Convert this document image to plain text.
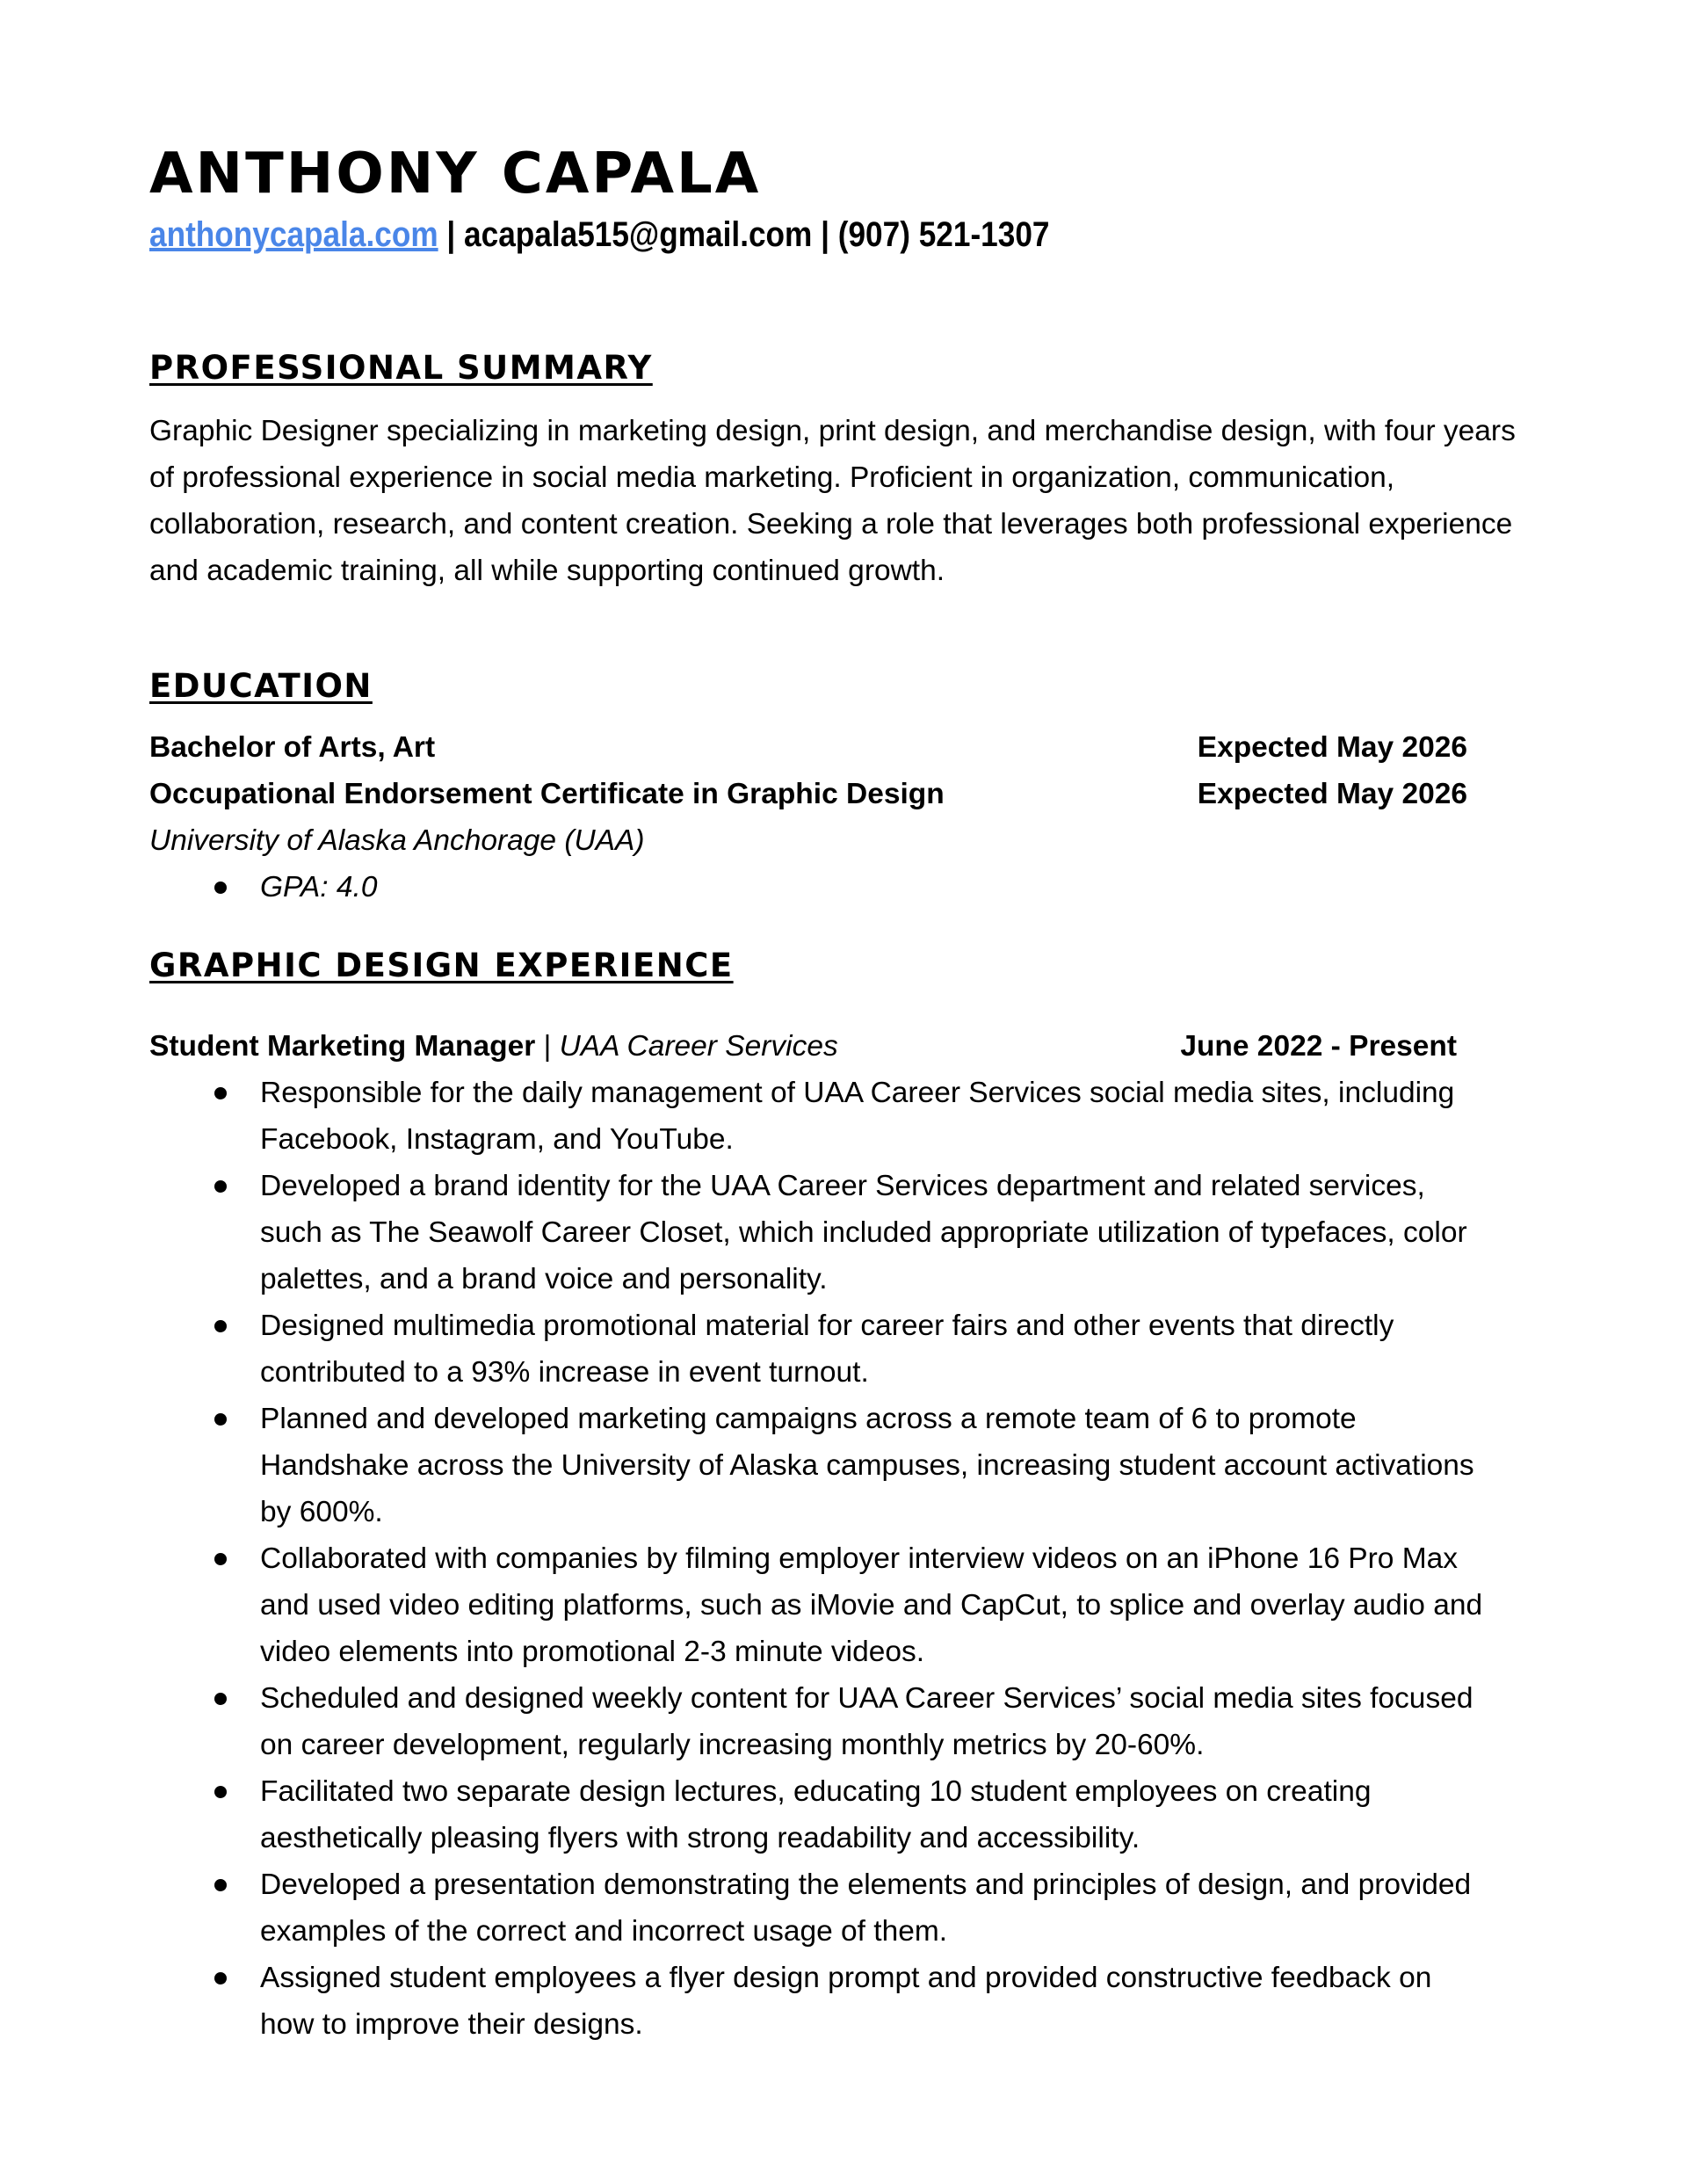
ANTHONY CAPALA
anthonycapala.com | acapala515@gmail.com | (907) 521-1307
PROFESSIONAL SUMMARY
Graphic Designer specializing in marketing design, print design, and merchandise design, with four years of professional experience in social media marketing. Proficient in organization, communication, collaboration, research, and content creation. Seeking a role that leverages both professional experience and academic training, all while supporting continued growth.
EDUCATION
Bachelor of Arts, Art	Expected May 2026
Occupational Endorsement Certificate in Graphic Design	Expected May 2026
University of Alaska Anchorage (UAA)
GPA: 4.0
GRAPHIC DESIGN EXPERIENCE
Student Marketing Manager | UAA Career Services	June 2022 - Present
Responsible for the daily management of UAA Career Services social media sites, including Facebook, Instagram, and YouTube.
Developed a brand identity for the UAA Career Services department and related services, such as The Seawolf Career Closet, which included appropriate utilization of typefaces, color palettes, and a brand voice and personality.
Designed multimedia promotional material for career fairs and other events that directly contributed to a 93% increase in event turnout.
Planned and developed marketing campaigns across a remote team of 6 to promote Handshake across the University of Alaska campuses, increasing student account activations by 600%.
Collaborated with companies by filming employer interview videos on an iPhone 16 Pro Max and used video editing platforms, such as iMovie and CapCut, to splice and overlay audio and video elements into promotional 2-3 minute videos.
Scheduled and designed weekly content for UAA Career Services’ social media sites focused on career development, regularly increasing monthly metrics by 20-60%.
Facilitated two separate design lectures, educating 10 student employees on creating aesthetically pleasing flyers with strong readability and accessibility.
Developed a presentation demonstrating the elements and principles of design, and provided examples of the correct and incorrect usage of them.
Assigned student employees a flyer design prompt and provided constructive feedback on how to improve their designs.
